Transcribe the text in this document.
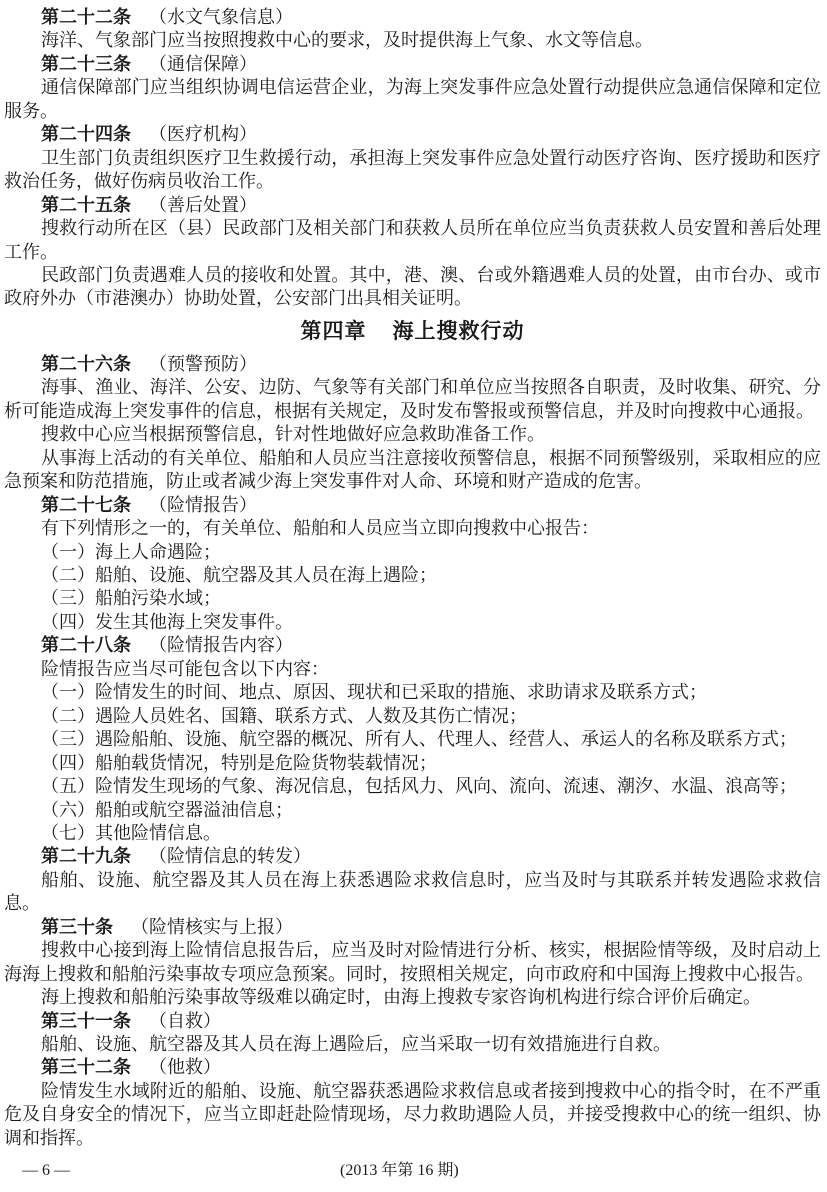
第二十二条 （水文气象信息）

海洋、气象部门应当按照搜救中心的要求，及时提供海上气象、水文等信息。

第二十三条 （通信保障）

通信保障部门应当组织协调电信运营企业，为海上突发事件应急处置行动提供应急通信保障和定位服务。

第二十四条 （医疗机构）

卫生部门负责组织医疗卫生救援行动，承担海上突发事件应急处置行动医疗咨询、医疗援助和医疗救治任务，做好伤病员收治工作。

第二十五条 （善后处置）

搜救行动所在区（县）民政部门及相关部门和获救人员所在单位应当负责获救人员安置和善后处理工作。

民政部门负责遇难人员的接收和处置。其中，港、澳、台或外籍遇难人员的处置，由市台办、或市政府外办（市港澳办）协助处置，公安部门出具相关证明。

第四章 海上搜救行动

第二十六条 （预警预防）

海事、渔业、海洋、公安、边防、气象等有关部门和单位应当按照各自职责，及时收集、研究、分析可能造成海上突发事件的信息，根据有关规定，及时发布警报或预警信息，并及时向搜救中心通报。

搜救中心应当根据预警信息，针对性地做好应急救助准备工作。

从事海上活动的有关单位、船舶和人员应当注意接收预警信息，根据不同预警级别，采取相应的应急预案和防范措施，防止或者减少海上突发事件对人命、环境和财产造成的危害。

第二十七条 （险情报告）

有下列情形之一的，有关单位、船舶和人员应当立即向搜救中心报告：

（一）海上人命遇险；

（二）船舶、设施、航空器及其人员在海上遇险；

（三）船舶污染水域；

（四）发生其他海上突发事件。

第二十八条 （险情报告内容）

险情报告应当尽可能包含以下内容：

（一）险情发生的时间、地点、原因、现状和已采取的措施、求助请求及联系方式；

（二）遇险人员姓名、国籍、联系方式、人数及其伤亡情况；

（三）遇险船舶、设施、航空器的概况、所有人、代理人、经营人、承运人的名称及联系方式；

（四）船舶载货情况，特别是危险货物装载情况；

（五）险情发生现场的气象、海况信息，包括风力、风向、流向、流速、潮汐、水温、浪高等；

（六）船舶或航空器溢油信息；

（七）其他险情信息。

第二十九条 （险情信息的转发）

船舶、设施、航空器及其人员在海上获悉遇险求救信息时，应当及时与其联系并转发遇险求救信息。

第三十条 （险情核实与上报）

搜救中心接到海上险情信息报告后，应当及时对险情进行分析、核实，根据险情等级，及时启动上海海上搜救和船舶污染事故专项应急预案。同时，按照相关规定，向市政府和中国海上搜救中心报告。

海上搜救和船舶污染事故等级难以确定时，由海上搜救专家咨询机构进行综合评价后确定。

第三十一条 （自救）

船舶、设施、航空器及其人员在海上遇险后，应当采取一切有效措施进行自救。

第三十二条 （他救）

险情发生水域附近的船舶、设施、航空器获悉遇险求救信息或者接到搜救中心的指令时，在不严重危及自身安全的情况下，应当立即赶赴险情现场，尽力救助遇险人员，并接受搜救中心的统一组织、协调和指挥。

— 6 —	(2013 年第 16 期)
